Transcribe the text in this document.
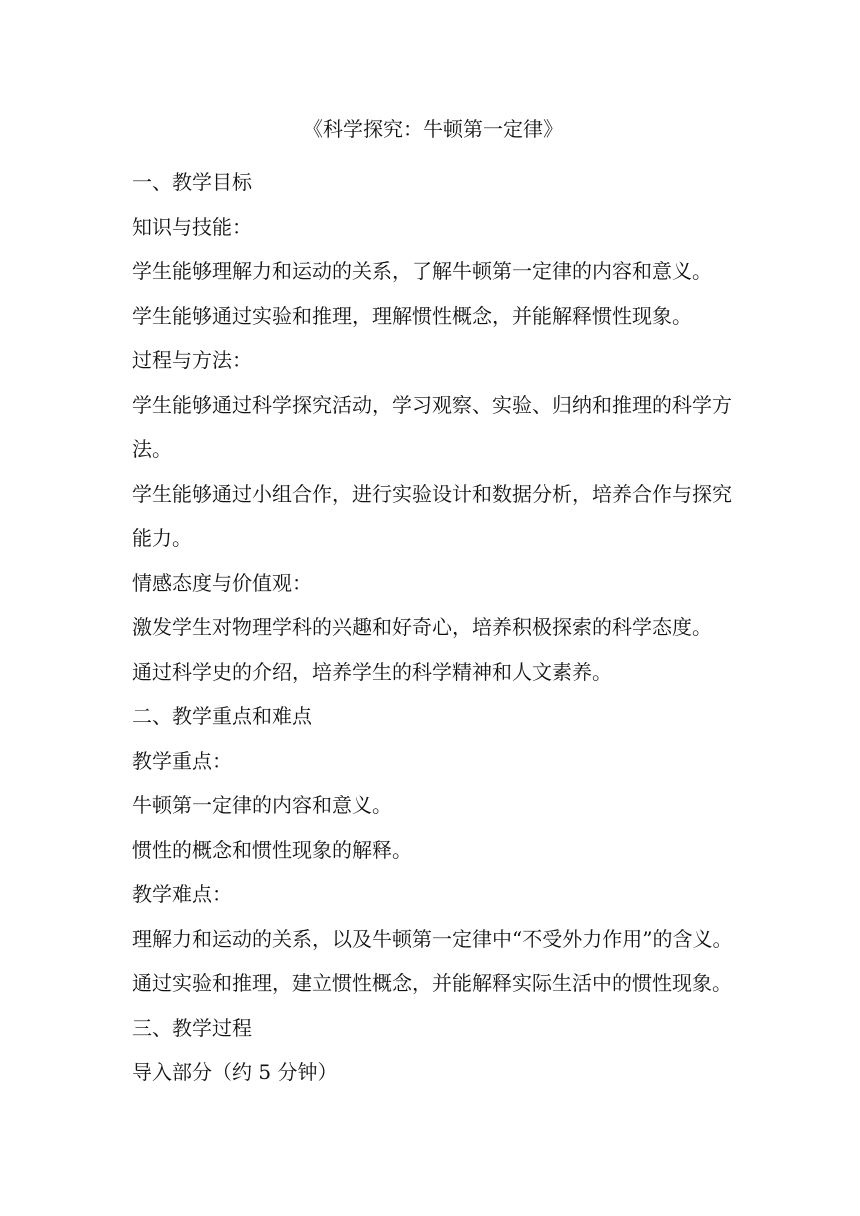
《科学探究：牛顿第一定律》

一、教学目标

知识与技能：

学生能够理解力和运动的关系，了解牛顿第一定律的内容和意义。

学生能够通过实验和推理，理解惯性概念，并能解释惯性现象。

过程与方法：

学生能够通过科学探究活动，学习观察、实验、归纳和推理的科学方法。

学生能够通过小组合作，进行实验设计和数据分析，培养合作与探究能力。

情感态度与价值观：

激发学生对物理学科的兴趣和好奇心，培养积极探索的科学态度。

通过科学史的介绍，培养学生的科学精神和人文素养。

二、教学重点和难点

教学重点：

牛顿第一定律的内容和意义。

惯性的概念和惯性现象的解释。

教学难点：

理解力和运动的关系，以及牛顿第一定律中“不受外力作用”的含义。

通过实验和推理，建立惯性概念，并能解释实际生活中的惯性现象。

三、教学过程

导入部分（约 5 分钟）
